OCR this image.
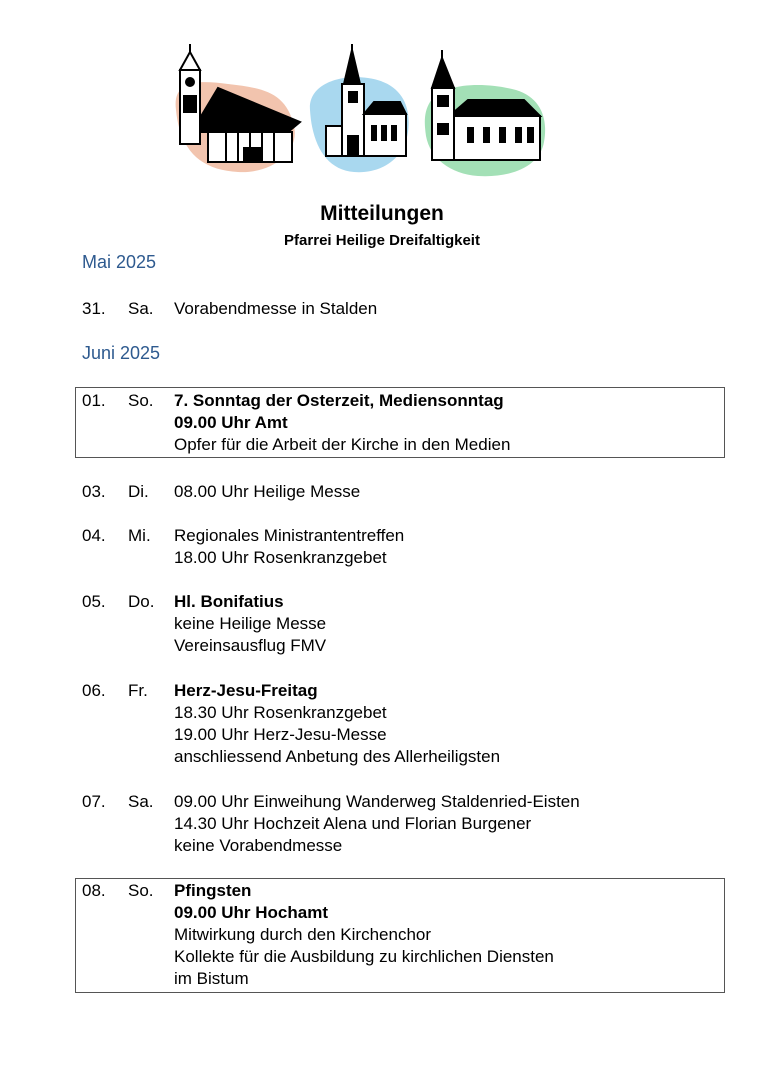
Mitteilungen
Pfarrei Heilige Dreifaltigkeit
Mai 2025
31.	Sa.	Vorabendmesse in Stalden
Juni 2025
01.	So.	7. Sonntag der Osterzeit, Mediensonntag
09.00 Uhr Amt
Opfer für die Arbeit der Kirche in den Medien
03.	Di.	08.00 Uhr Heilige Messe
04.	Mi.	Regionales Ministrantentreffen
18.00 Uhr Rosenkranzgebet
05.	Do.	Hl. Bonifatius
keine Heilige Messe
Vereinsausflug FMV
06.	Fr.	Herz-Jesu-Freitag
18.30 Uhr Rosenkranzgebet
19.00 Uhr Herz-Jesu-Messe
anschliessend Anbetung des Allerheiligsten
07.	Sa.	09.00 Uhr Einweihung Wanderweg Staldenried-Eisten
14.30 Uhr Hochzeit Alena und Florian Burgener
keine Vorabendmesse
08.	So.	Pfingsten
09.00 Uhr Hochamt
Mitwirkung durch den Kirchenchor
Kollekte für die Ausbildung zu kirchlichen Diensten
im Bistum
